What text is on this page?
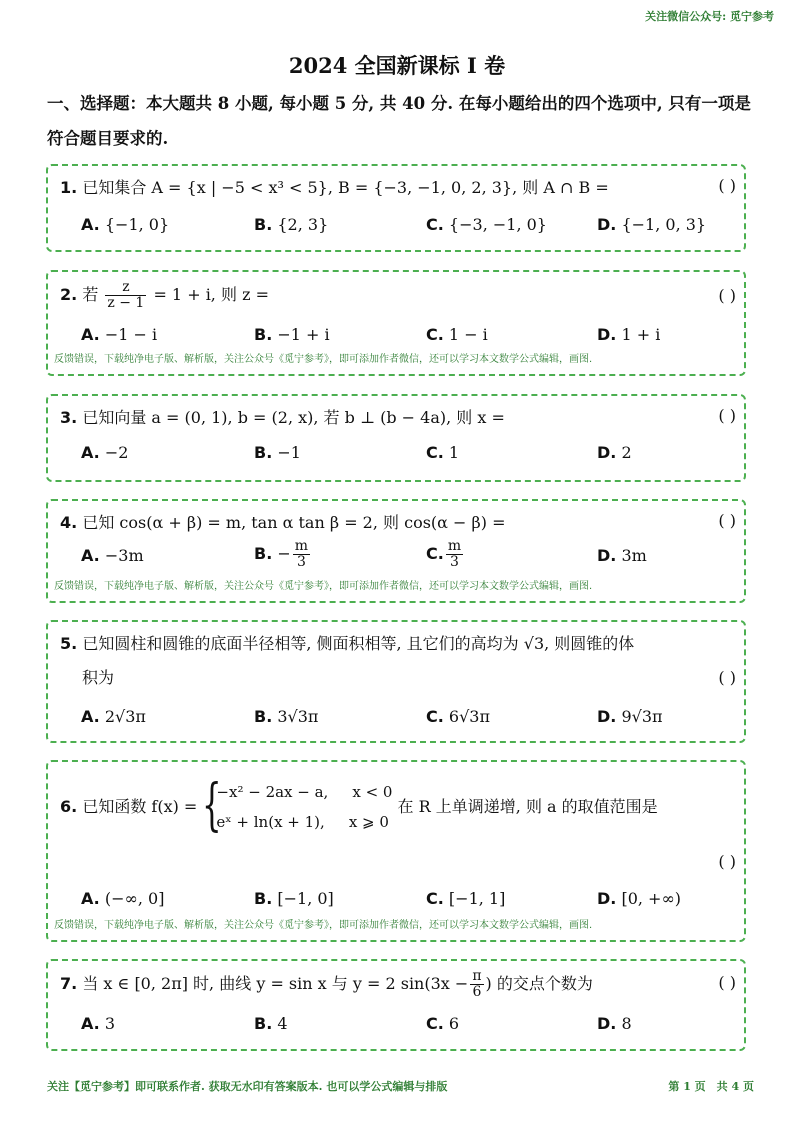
关注微信公众号: 觅宁参考
2024 全国新课标 I 卷
一、选择题：本大题共 8 小题, 每小题 5 分, 共 40 分. 在每小题给出的四个选项中, 只有一项是符合题目要求的.
1. 已知集合 A = {x | −5 < x³ < 5}, B = {−3, −1, 0, 2, 3}, 则 A ∩ B =	( )
A. {−1, 0}	B. {2, 3}	C. {−3, −1, 0}	D. {−1, 0, 3}
2. 若 $\frac{z}{z - 1} = 1 + i$, 则 z =	( )
A. −1 − i	B. −1 + i	C. 1 − i	D. 1 + i
反馈错误，下载纯净电子版、解析版，关注公众号《觅宁参考》，即可添加作者微信，还可以学习本文数学公式编辑，画图.
3. 已知向量 a = (0, 1), b = (2, x), 若 b ⊥ (b − 4a), 则 x =	( )
A. −2	B. −1	C. 1	D. 2
4. 已知 cos(α + β) = m, tan α tan β = 2, 则 cos(α − β) =	( )
A. −3m	B. − $\frac{m}{3}$	C. $\frac{m}{3}$	D. 3m
反馈错误，下载纯净电子版、解析版，关注公众号《觅宁参考》，即可添加作者微信，还可以学习本文数学公式编辑，画图.
5. 已知圆柱和圆锥的底面半径相等, 侧面积相等, 且它们的高均为 √3, 则圆锥的体
积为	( )
A. 2√3π	B. 3√3π	C. 6√3π	D. 9√3π
6. 已知函数 f(x) = {
−x² − 2ax − a, x < 0
eˣ + ln(x + 1), x ⩾ 0
在 R 上单调递增, 则 a 的取值范围是
( )
A. (−∞, 0]	B. [−1, 0]	C. [−1, 1]	D. [0, +∞)
反馈错误，下载纯净电子版、解析版，关注公众号《觅宁参考》，即可添加作者微信，还可以学习本文数学公式编辑，画图.
7. 当 x ∈ [0, 2π] 时, 曲线 y = sin x 与 y = 2 $\sin(3x - \frac{\pi}{6}$ ) 的交点个数为	( )
A. 3	B. 4	C. 6	D. 8
关注【觅宁参考】即可联系作者. 获取无水印有答案版本. 也可以学公式编辑与排版	第 1 页　共 4 页
